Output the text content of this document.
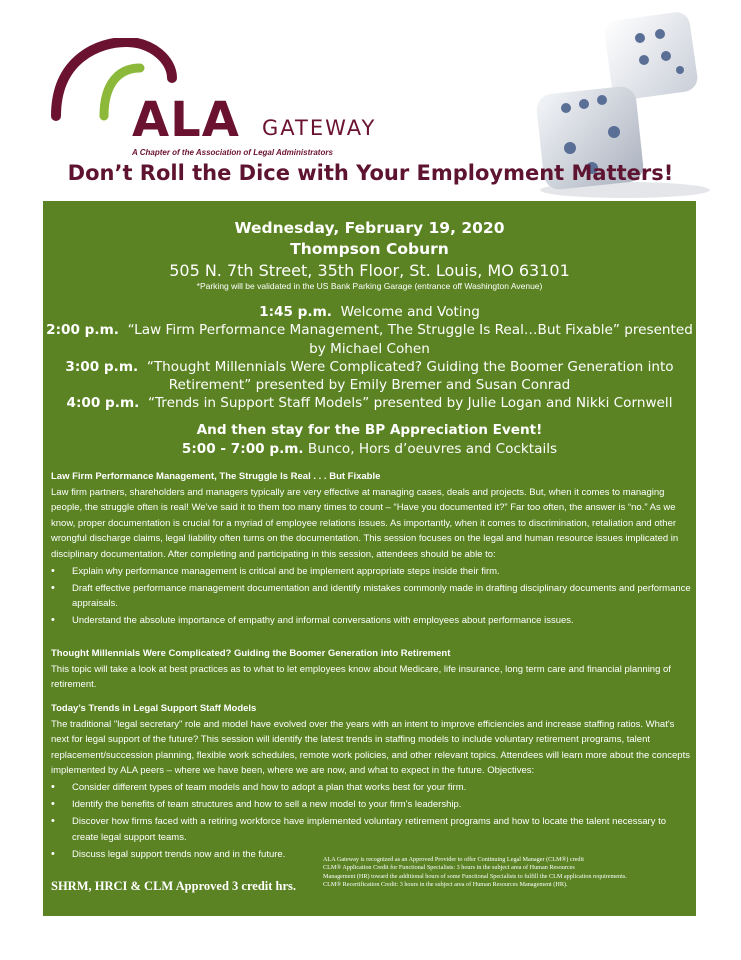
ALA GATEWAY
A Chapter of the Association of Legal Administrators
Don’t Roll the Dice with Your Employment Matters!
Wednesday, February 19, 2020
Thompson Coburn
505 N. 7th Street, 35th Floor, St. Louis, MO 63101
*Parking will be validated in the US Bank Parking Garage (entrance off Washington Avenue)
1:45 p.m. Welcome and Voting
2:00 p.m. “Law Firm Performance Management, The Struggle Is Real…But Fixable” presented by Michael Cohen
3:00 p.m. “Thought Millennials Were Complicated? Guiding the Boomer Generation into Retirement” presented by Emily Bremer and Susan Conrad
4:00 p.m. “Trends in Support Staff Models” presented by Julie Logan and Nikki Cornwell
And then stay for the BP Appreciation Event!
5:00 - 7:00 p.m. Bunco, Hors d’oeuvres and Cocktails
Law Firm Performance Management, The Struggle Is Real . . . But Fixable
Law firm partners, shareholders and managers typically are very effective at managing cases, deals and projects. But, when it comes to managing people, the struggle often is real! We’ve said it to them too many times to count – “Have you documented it?” Far too often, the answer is “no.” As we know, proper documentation is crucial for a myriad of employee relations issues. As importantly, when it comes to discrimination, retaliation and other wrongful discharge claims, legal liability often turns on the documentation. This session focuses on the legal and human resource issues implicated in disciplinary documentation. After completing and participating in this session, attendees should be able to:
• Explain why performance management is critical and be implement appropriate steps inside their firm.
• Draft effective performance management documentation and identify mistakes commonly made in drafting disciplinary documents and performance appraisals.
• Understand the absolute importance of empathy and informal conversations with employees about performance issues.
Thought Millennials Were Complicated? Guiding the Boomer Generation into Retirement
This topic will take a look at best practices as to what to let employees know about Medicare, life insurance, long term care and financial planning of retirement.
Today’s Trends in Legal Support Staff Models
The traditional "legal secretary" role and model have evolved over the years with an intent to improve efficiencies and increase staffing ratios. What's next for legal support of the future? This session will identify the latest trends in staffing models to include voluntary retirement programs, talent replacement/succession planning, flexible work schedules, remote work policies, and other relevant topics. Attendees will learn more about the concepts implemented by ALA peers – where we have been, where we are now, and what to expect in the future. Objectives:
• Consider different types of team models and how to adopt a plan that works best for your firm.
• Identify the benefits of team structures and how to sell a new model to your firm's leadership.
• Discover how firms faced with a retiring workforce have implemented voluntary retirement programs and how to locate the talent necessary to create legal support teams.
• Discuss legal support trends now and in the future.
SHRM, HRCI & CLM Approved 3 credit hrs.
ALA Gateway is recognized as an Approved Provider to offer Continuing Legal Manager (CLM®) credit
CLM® Application Credit for Functional Specialists: 3 hours in the subject area of Human Resources
Management (HR) toward the additional hours of some Functional Specialists to fulfill the CLM application requirements.
CLM® Recertification Credit: 3 hours in the subject area of Human Resources Management (HR).
